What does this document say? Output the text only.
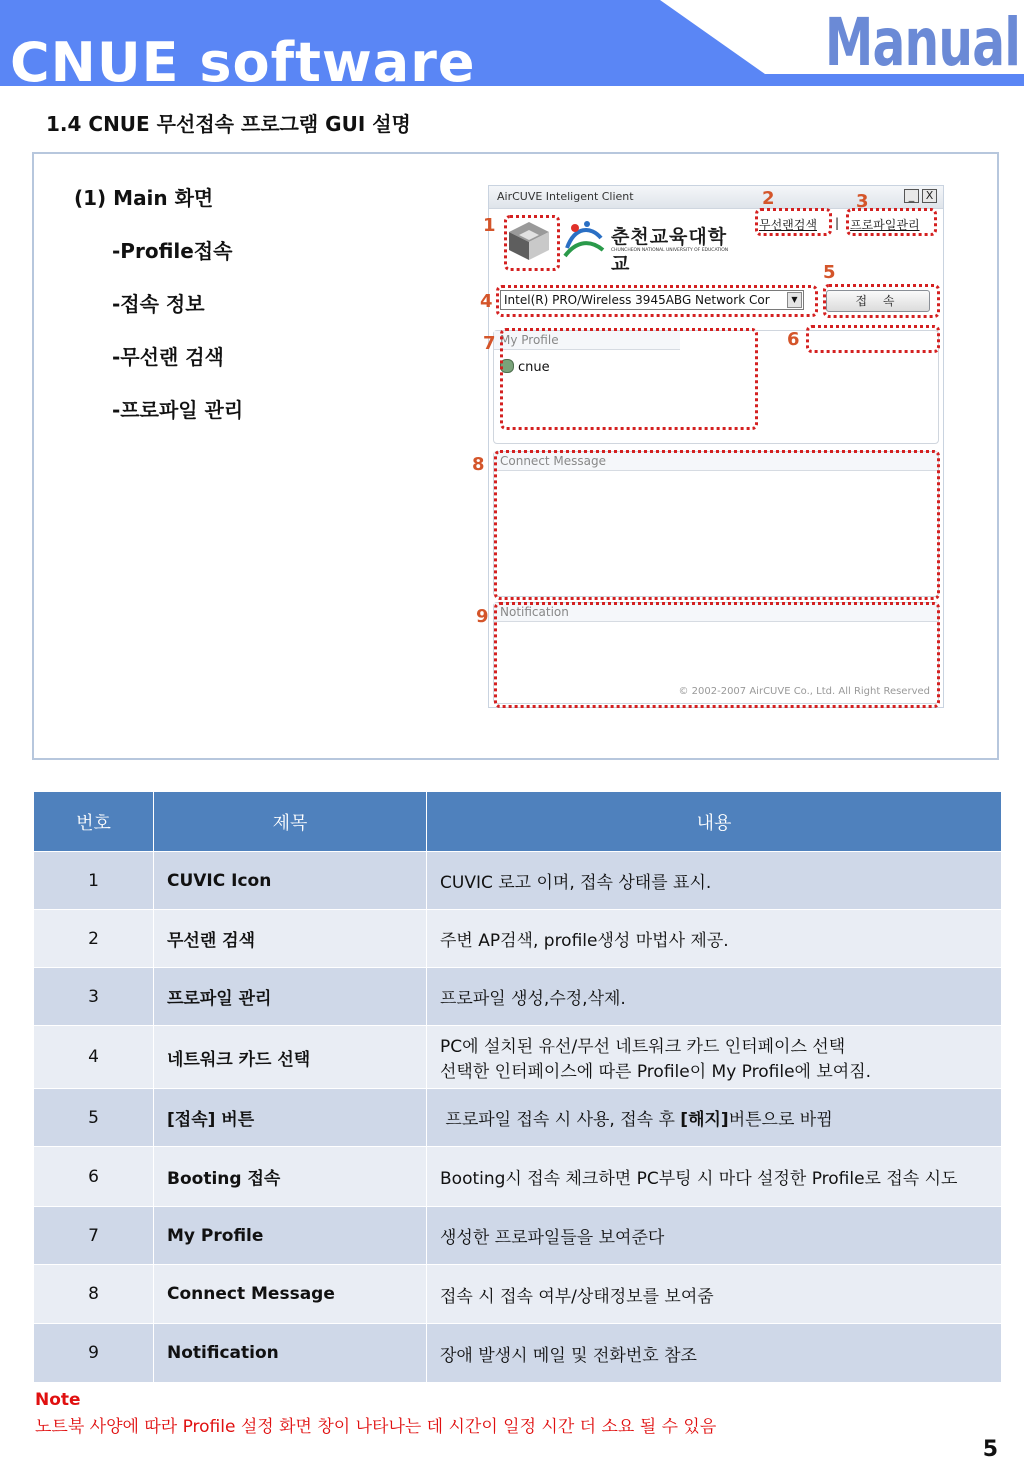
CNUE software	Manual
1.4 CNUE 무선접속 프로그램 GUI 설명
(1) Main 화면
-Profile접속
-접속 정보
-무선랜 검색
-프로파일 관리
AirCUVE Inteligent Client	_	X
무선랜검색 | 프로파일관리
춘천교육대학교
CHUNCHEON NATIONAL UNIVERSITY OF EDUCATION
Intel(R) PRO/Wireless 3945ABG Network Cor	▼	접 속
My Profile
cnue
Connect Message
Notification
© 2002-2007 AirCUVE Co., Ltd. All Right Reserved
1
2	3
4
5
6
7
8
9
번호	제목	내용
1	CUVIC Icon	CUVIC 로고 이며, 접속 상태를 표시.
2	무선랜 검색	주변 AP검색, profile생성 마법사 제공.
3	프로파일 관리	프로파일 생성,수정,삭제.
4	네트워크 카드 선택	PC에 설치된 유선/무선 네트워크 카드 인터페이스 선택
선택한 인터페이스에 따른 Profile이 My Profile에 보여짐.

5	[접속] 버튼	프로파일 접속 시 사용, 접속 후 [해지]버튼으로 바뀜
6	Booting 접속	Booting시 접속 체크하면 PC부팅 시 마다 설정한 Profile로 접속 시도
7	My Profile	생성한 프로파일들을 보여준다
8	Connect Message	접속 시 접속 여부/상태정보를 보여줌
9	Notification	장애 발생시 메일 및 전화번호 참조
Note
노트북 사양에 따라 Profile 설정 화면 창이 나타나는 데 시간이 일정 시간 더 소요 될 수 있음
5
